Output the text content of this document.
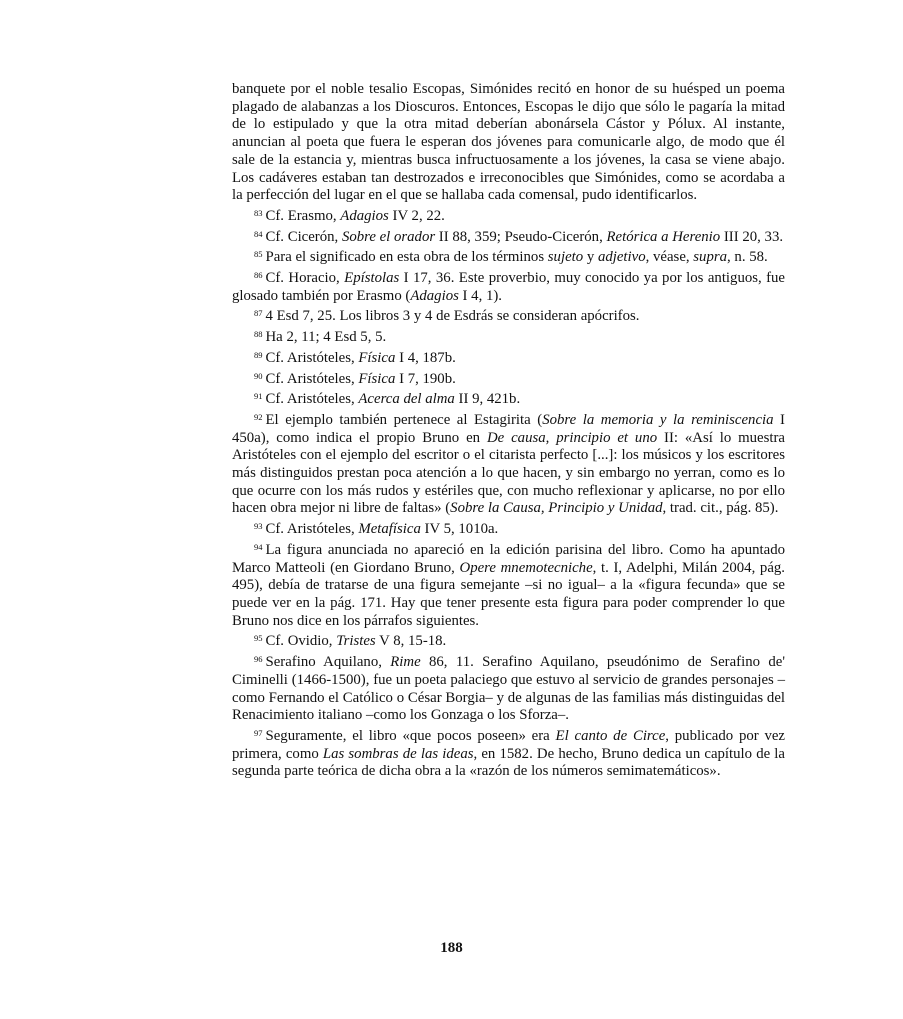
banquete por el noble tesalio Escopas, Simónides recitó en honor de su huésped un poema plagado de alabanzas a los Dioscuros. Entonces, Escopas le dijo que sólo le pagaría la mitad de lo estipulado y que la otra mitad deberían abonársela Cástor y Pólux. Al instante, anuncian al poeta que fuera le esperan dos jóvenes para comunicarle algo, de modo que él sale de la estancia y, mientras busca infructuosamente a los jóvenes, la casa se viene abajo. Los cadáveres estaban tan destrozados e irreconocibles que Simónides, como se acordaba a la perfección del lugar en el que se hallaba cada comensal, pudo identificarlos.

$^{83}$ Cf. Erasmo, Adagios IV 2, 22.

$^{84}$ Cf. Cicerón, Sobre el orador II 88, 359; Pseudo-Cicerón, Retórica a Herenio III 20, 33.

$^{85}$ Para el significado en esta obra de los términos sujeto y adjetivo, véase, supra, n. 58.

$^{86}$ Cf. Horacio, Epístolas I 17, 36. Este proverbio, muy conocido ya por los antiguos, fue glosado también por Erasmo (Adagios I 4, 1).

$^{87}$ 4 Esd 7, 25. Los libros 3 y 4 de Esdrás se consideran apócrifos.

$^{88}$ Ha 2, 11; 4 Esd 5, 5.

$^{89}$ Cf. Aristóteles, Física I 4, 187b.

$^{90}$ Cf. Aristóteles, Física I 7, 190b.

$^{91}$ Cf. Aristóteles, Acerca del alma II 9, 421b.

$^{92}$ El ejemplo también pertenece al Estagirita (Sobre la memoria y la reminiscencia I 450a), como indica el propio Bruno en De causa, principio et uno II: «Así lo muestra Aristóteles con el ejemplo del escritor o el citarista perfecto [...]: los músicos y los escritores más distinguidos prestan poca atención a lo que hacen, y sin embargo no yerran, como es lo que ocurre con los más rudos y estériles que, con mucho reflexionar y aplicarse, no por ello hacen obra mejor ni libre de faltas» (Sobre la Causa, Principio y Unidad, trad. cit., pág. 85).

$^{93}$ Cf. Aristóteles, Metafísica IV 5, 1010a.

$^{94}$ La figura anunciada no apareció en la edición parisina del libro. Como ha apuntado Marco Matteoli (en Giordano Bruno, Opere mnemotecniche, t. I, Adelphi, Milán 2004, pág. 495), debía de tratarse de una figura semejante –si no igual– a la «figura fecunda» que se puede ver en la pág. 171. Hay que tener presente esta figura para poder comprender lo que Bruno nos dice en los párrafos siguientes.

$^{95}$ Cf. Ovidio, Tristes V 8, 15-18.

$^{96}$ Serafino Aquilano, Rime 86, 11. Serafino Aquilano, pseudónimo de Serafino de' Ciminelli (1466-1500), fue un poeta palaciego que estuvo al servicio de grandes personajes –como Fernando el Católico o César Borgia– y de algunas de las familias más distinguidas del Renacimiento italiano –como los Gonzaga o los Sforza–.

$^{97}$ Seguramente, el libro «que pocos poseen» era El canto de Circe, publicado por vez primera, como Las sombras de las ideas, en 1582. De hecho, Bruno dedica un capítulo de la segunda parte teórica de dicha obra a la «razón de los números semimatemáticos».

188
